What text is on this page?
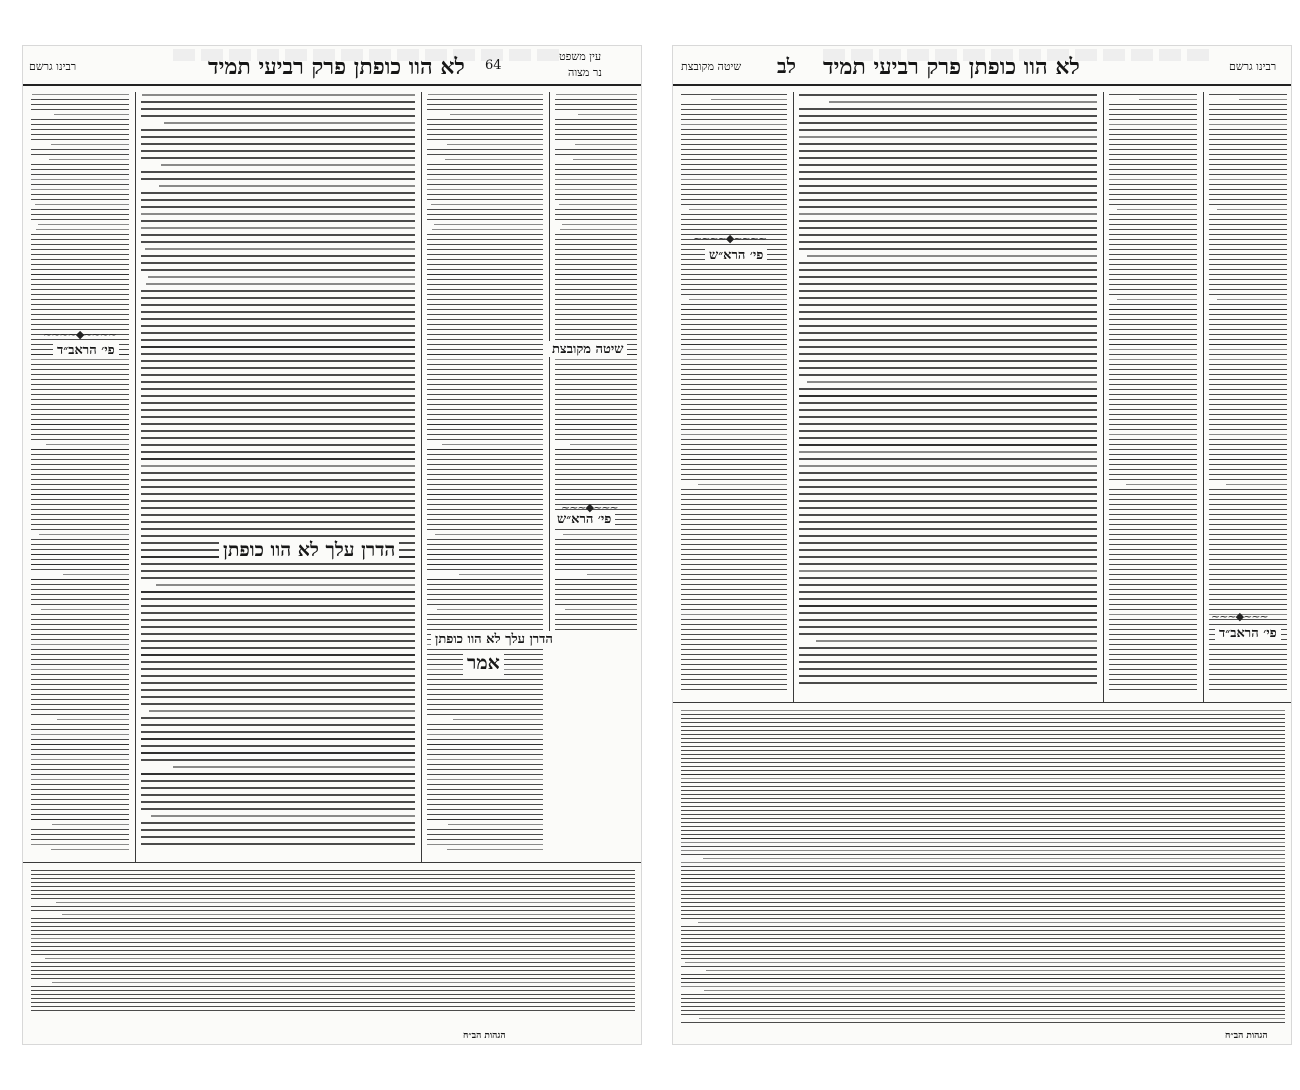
רבינו גרשם	לא הוו כופתן פרק רביעי תמיד 64
עין משפט
נר מצוה
~~~~◆~~~~
פי׳ הראב״ד	שיטה מקובצת
פי׳ הרא״ש
~~~◆~~~
הדרן עלך לא הוו כופתן
הדרן עלך לא הוו כופתן
אמר
הגהות הב״ח
שיטה מקובצת לב לא הוו כופתן פרק רביעי תמיד	רבינו גרשם
~~~~◆~~~~
פי׳ הרא״ש
~~~◆~~~
פי׳ הראב״ד
הגהות הב״ח
